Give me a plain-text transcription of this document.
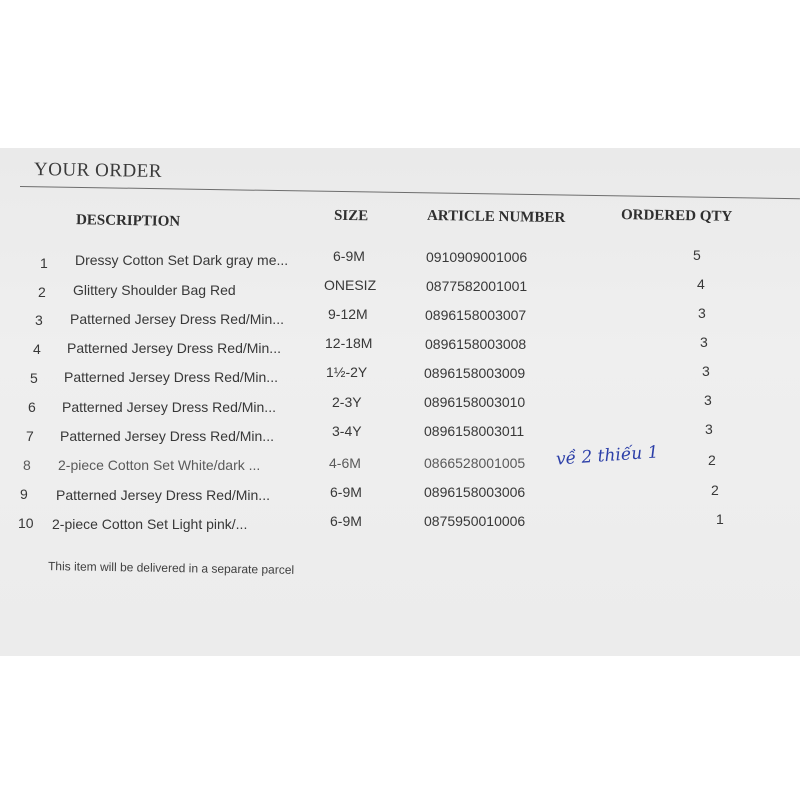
YOUR ORDER
DESCRIPTION	SIZE	ARTICLE NUMBER	ORDERED QTY
1 Dressy Cotton Set Dark gray me...	6-9M	0910909001006	5
2 Glittery Shoulder Bag Red	ONESIZ	0877582001001	4
3 Patterned Jersey Dress Red/Min...	9-12M	0896158003007	3
4 Patterned Jersey Dress Red/Min...	12-18M	0896158003008	3
5 Patterned Jersey Dress Red/Min...	1½-2Y	0896158003009	3
6 Patterned Jersey Dress Red/Min...	2-3Y	0896158003010	3
7 Patterned Jersey Dress Red/Min...	3-4Y	0896158003011	3
8 2-piece Cotton Set White/dark ...	4-6M	0866528001005	2
9 Patterned Jersey Dress Red/Min...	6-9M	0896158003006	2
10 2-piece Cotton Set Light pink/...	6-9M	0875950010006	1
về 2 thiếu 1
This item will be delivered in a separate parcel
